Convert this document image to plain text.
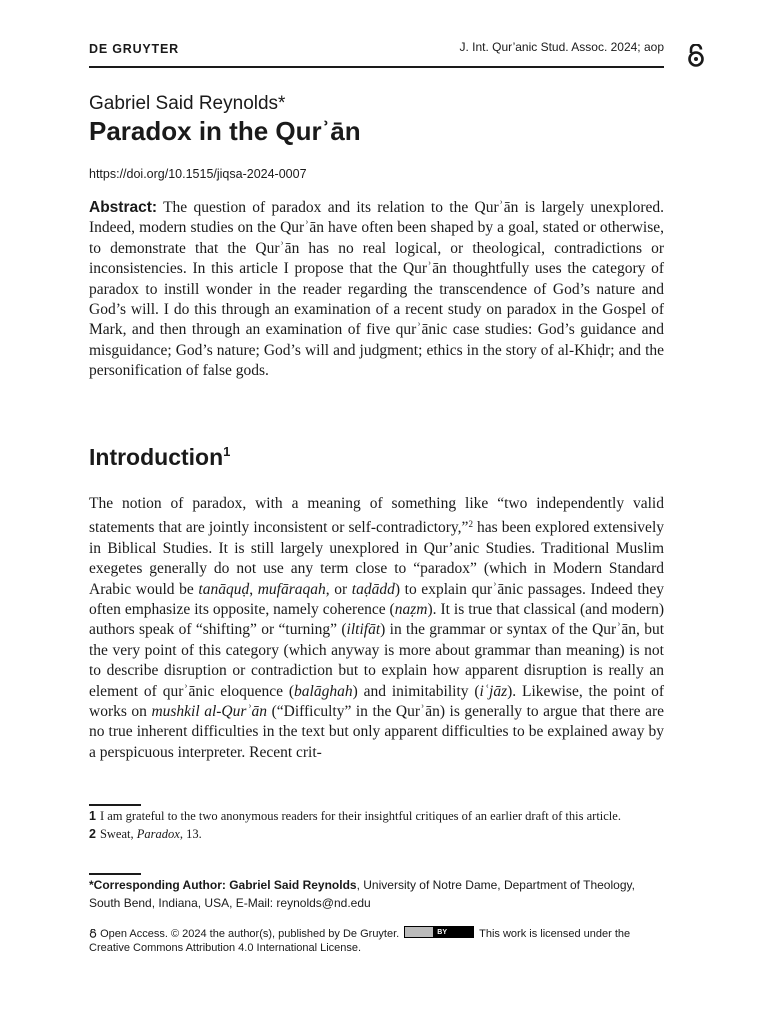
DE GRUYTER	J. Int. Qur’anic Stud. Assoc. 2024; aop
Gabriel Said Reynolds*
Paradox in the Qurʾān
https://doi.org/10.1515/jiqsa-2024-0007
Abstract: The question of paradox and its relation to the Qurʾān is largely unexplored. Indeed, modern studies on the Qurʾān have often been shaped by a goal, stated or otherwise, to demonstrate that the Qurʾān has no real logical, or theological, contradictions or inconsistencies. In this article I propose that the Qurʾān thoughtfully uses the category of paradox to instill wonder in the reader regarding the transcendence of God’s nature and God’s will. I do this through an examination of a recent study on paradox in the Gospel of Mark, and then through an examination of five qurʾānic case studies: God’s guidance and misguidance; God’s nature; God’s will and judgment; ethics in the story of al-Khiḍr; and the personification of false gods.
Introduction$^1$
The notion of paradox, with a meaning of something like “two independently valid statements that are jointly inconsistent or self-contradictory,”$^2$ has been explored extensively in Biblical Studies. It is still largely unexplored in Qur’anic Studies. Traditional Muslim exegetes generally do not use any term close to “paradox” (which in Modern Standard Arabic would be tanāquḍ, mufāraqah, or taḍādd) to explain qurʾānic passages. Indeed they often emphasize its opposite, namely coherence (naẓm). It is true that classical (and modern) authors speak of “shifting” or “turning” (iltifāt) in the grammar or syntax of the Qurʾān, but the very point of this category (which anyway is more about grammar than meaning) is not to describe disruption or contradiction but to explain how apparent disruption is really an element of qurʾānic eloquence (balāghah) and inimitability (iʿjāz). Likewise, the point of works on mushkil al-Qurʾān (“Difficulty” in the Qurʾān) is generally to argue that there are no true inherent difficulties in the text but only apparent difficulties to be explained away by a perspicuous interpreter. Recent crit-
1 I am grateful to the two anonymous readers for their insightful critiques of an earlier draft of this article.
2 Sweat, Paradox, 13.
*Corresponding Author: Gabriel Said Reynolds, University of Notre Dame, Department of Theology, South Bend, Indiana, USA, E-Mail: reynolds@nd.edu
Open Access. © 2024 the author(s), published by De Gruyter.	BY	This work is licensed under the Creative Commons Attribution 4.0 International License.
